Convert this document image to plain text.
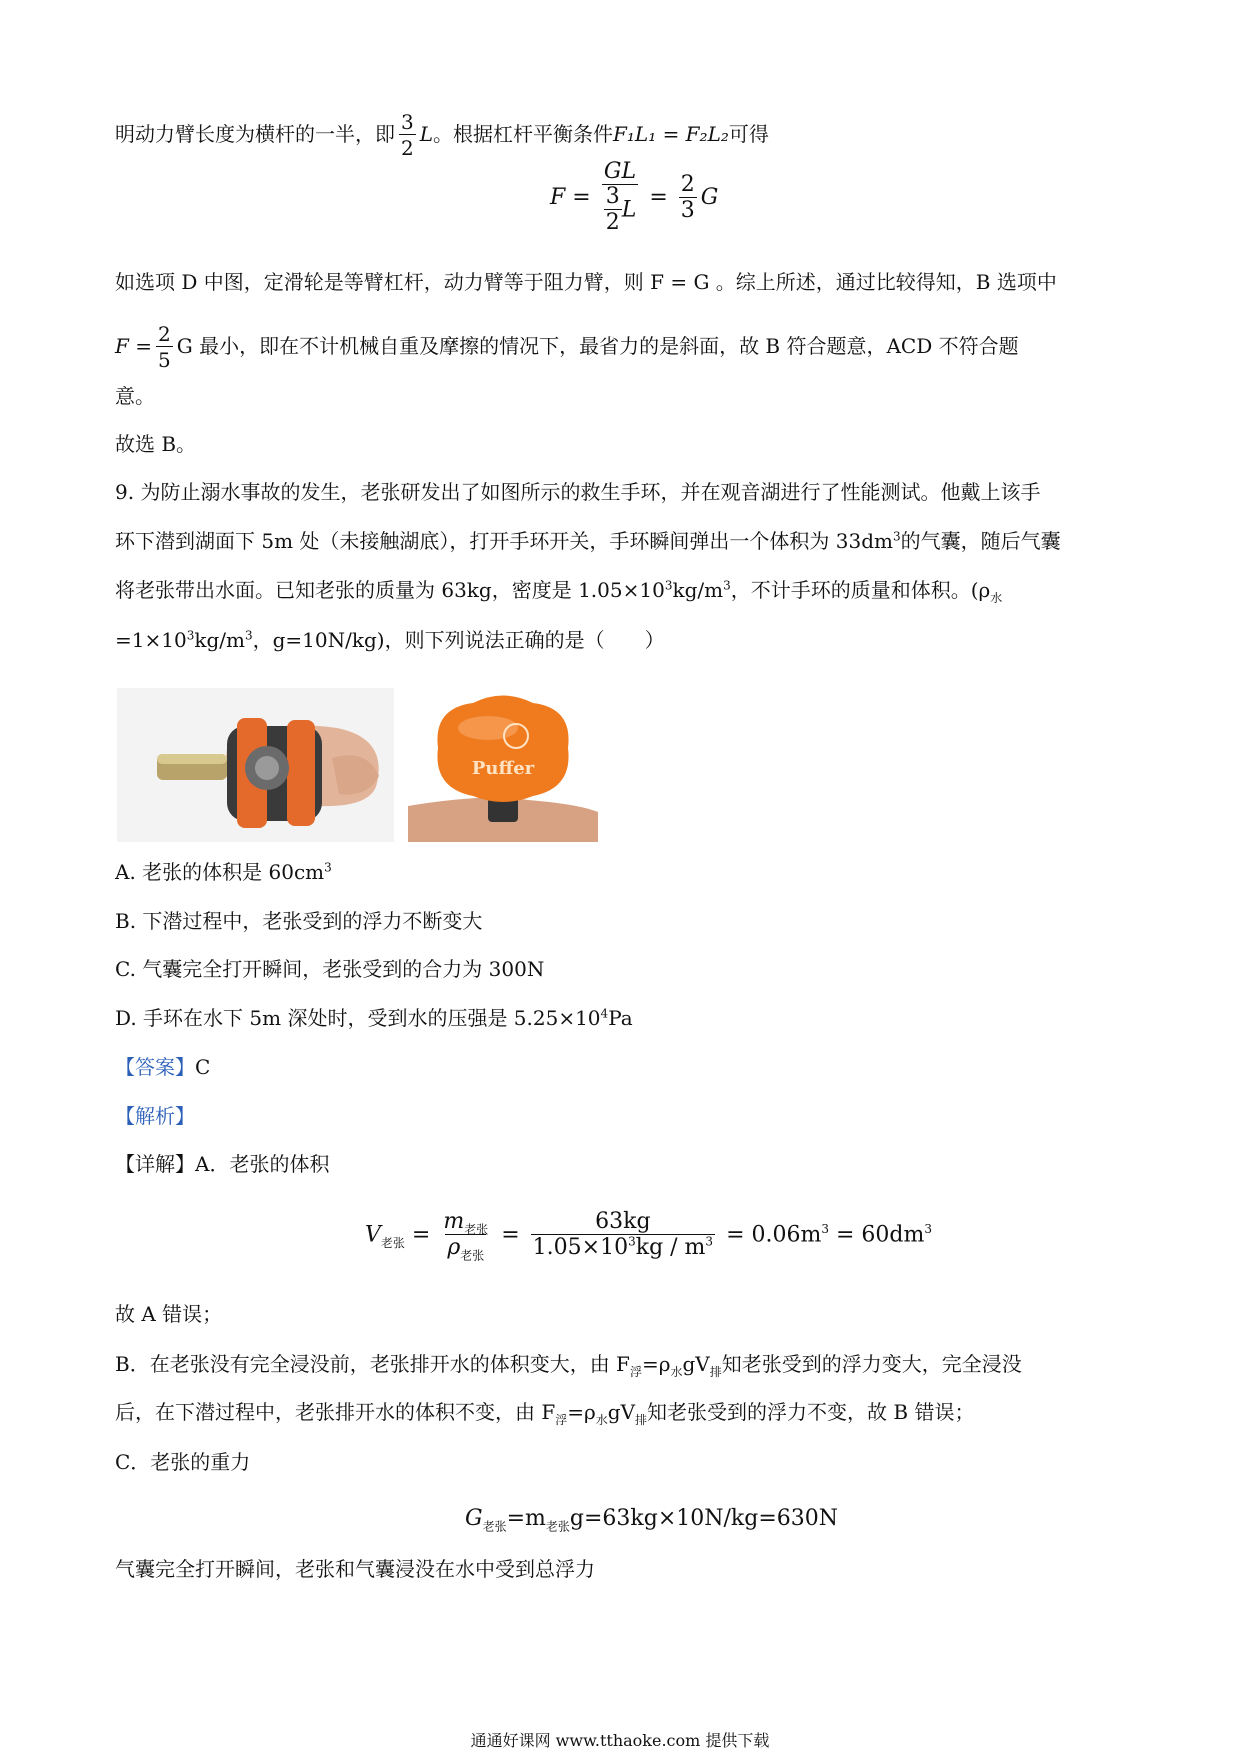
明动力臂长度为横杆的一半，即 $\frac{3}{2}$ L。根据杠杆平衡条件F₁L₁ = F₂L₂可得
$F = \frac{GL}{\frac{3}{2} L} = \frac{2}{3}$ G
如选项 D 中图，定滑轮是等臂杠杆，动力臂等于阻力臂，则 F = G 。综上所述，通过比较得知，B 选项中
$F = \frac{2}{5}$ G 最小，即在不计机械自重及摩擦的情况下，最省力的是斜面，故 B 符合题意，ACD 不符合题
意。
故选 B。
9. 为防止溺水事故的发生，老张研发出了如图所示的救生手环，并在观音湖进行了性能测试。他戴上该手
环下潜到湖面下 5m 处（未接触湖底），打开手环开关，手环瞬间弹出一个体积为 $33dm^3$的气囊，随后气囊
将老张带出水面。已知老张的质量为 63kg，密度是 $1.05\times 10^3kg/m^3$，不计手环的质量和体积。($\rho_水$
$=1\times 10^3kg/m^3$，g=10N/kg)，则下列说法正确的是（　　）
Puffer
A. 老张的体积是 $60cm^3$
B. 下潜过程中，老张受到的浮力不断变大
C. 气囊完全打开瞬间，老张受到的合力为 300N
D. 手环在水下 5m 深处时，受到水的压强是 $5.25\times 10^4Pa$
【答案】C
【解析】
【详解】A．老张的体积
$V_{老张} = \frac{m_{老张}}{\rho_{老张}} = \frac{63kg}{1.05\times 10^3kg / m^3} = 0.06m^3 = 60dm^3$
故 A 错误；
B．在老张没有完全浸没前，老张排开水的体积变大，由 $F_浮=\rho_水gV_排$知老张受到的浮力变大，完全浸没
后，在下潜过程中，老张排开水的体积不变，由 $F_浮=\rho_水gV_排$知老张受到的浮力不变，故 B 错误；
C．老张的重力
$G_{老张}=m_{老张}g=63kg\times 10N/kg=630N$
气囊完全打开瞬间，老张和气囊浸没在水中受到总浮力
通通好课网 www.tthaoke.com 提供下载
